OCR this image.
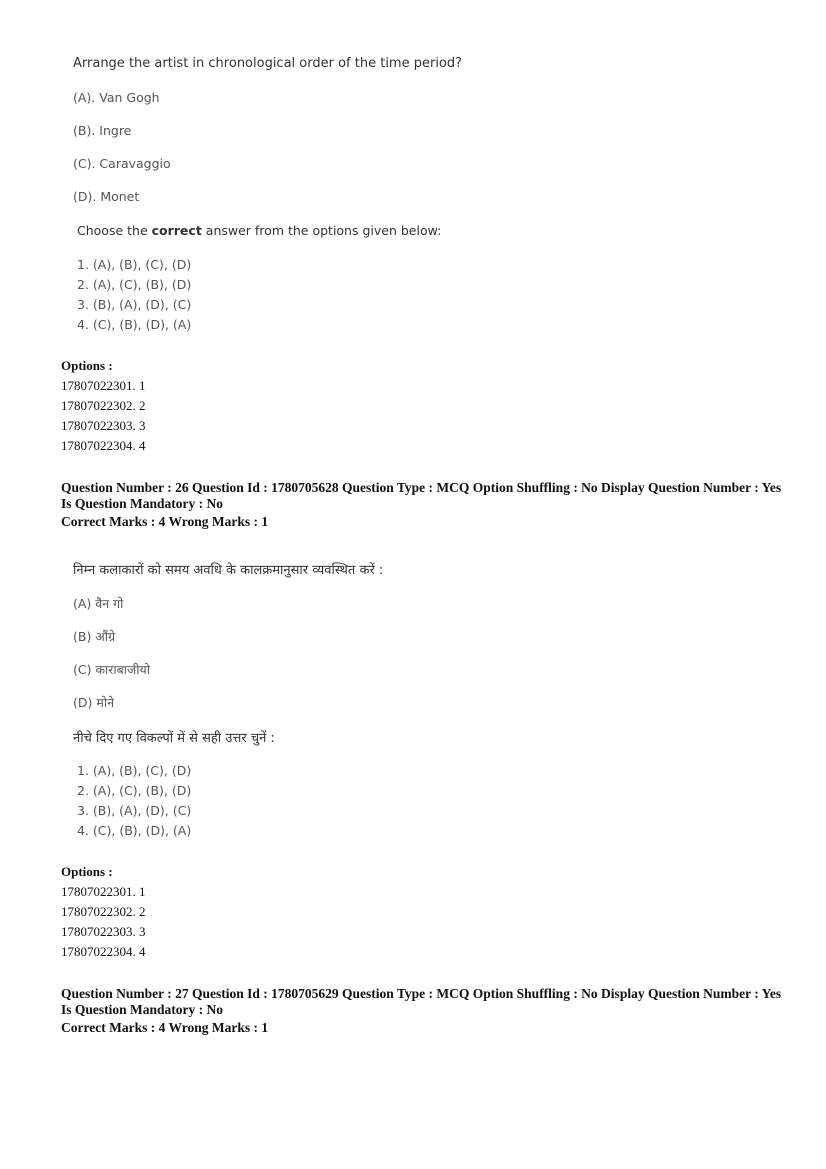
Arrange the artist in chronological order of the time period?
(A). Van Gogh
(B). Ingre
(C). Caravaggio
(D). Monet
Choose the correct answer from the options given below:
1. (A), (B), (C), (D)
2. (A), (C), (B), (D)
3. (B), (A), (D), (C)
4. (C), (B), (D), (A)
Options :
17807022301. 1
17807022302. 2
17807022303. 3
17807022304. 4
Question Number : 26 Question Id : 1780705628 Question Type : MCQ Option Shuffling : No Display Question Number : Yes
Is Question Mandatory : No
Correct Marks : 4 Wrong Marks : 1
निम्न कलाकारों को समय अवधि के कालक्रमानुसार व्यवस्थित करें :
(A) वैन गो
(B) औंग्रे
(C) काराबाजीयो
(D) मोने
नीचे दिए गए विकल्पों में से सही उत्तर चुनें :
1. (A), (B), (C), (D)
2. (A), (C), (B), (D)
3. (B), (A), (D), (C)
4. (C), (B), (D), (A)
Options :
17807022301. 1
17807022302. 2
17807022303. 3
17807022304. 4
Question Number : 27 Question Id : 1780705629 Question Type : MCQ Option Shuffling : No Display Question Number : Yes
Is Question Mandatory : No
Correct Marks : 4 Wrong Marks : 1
